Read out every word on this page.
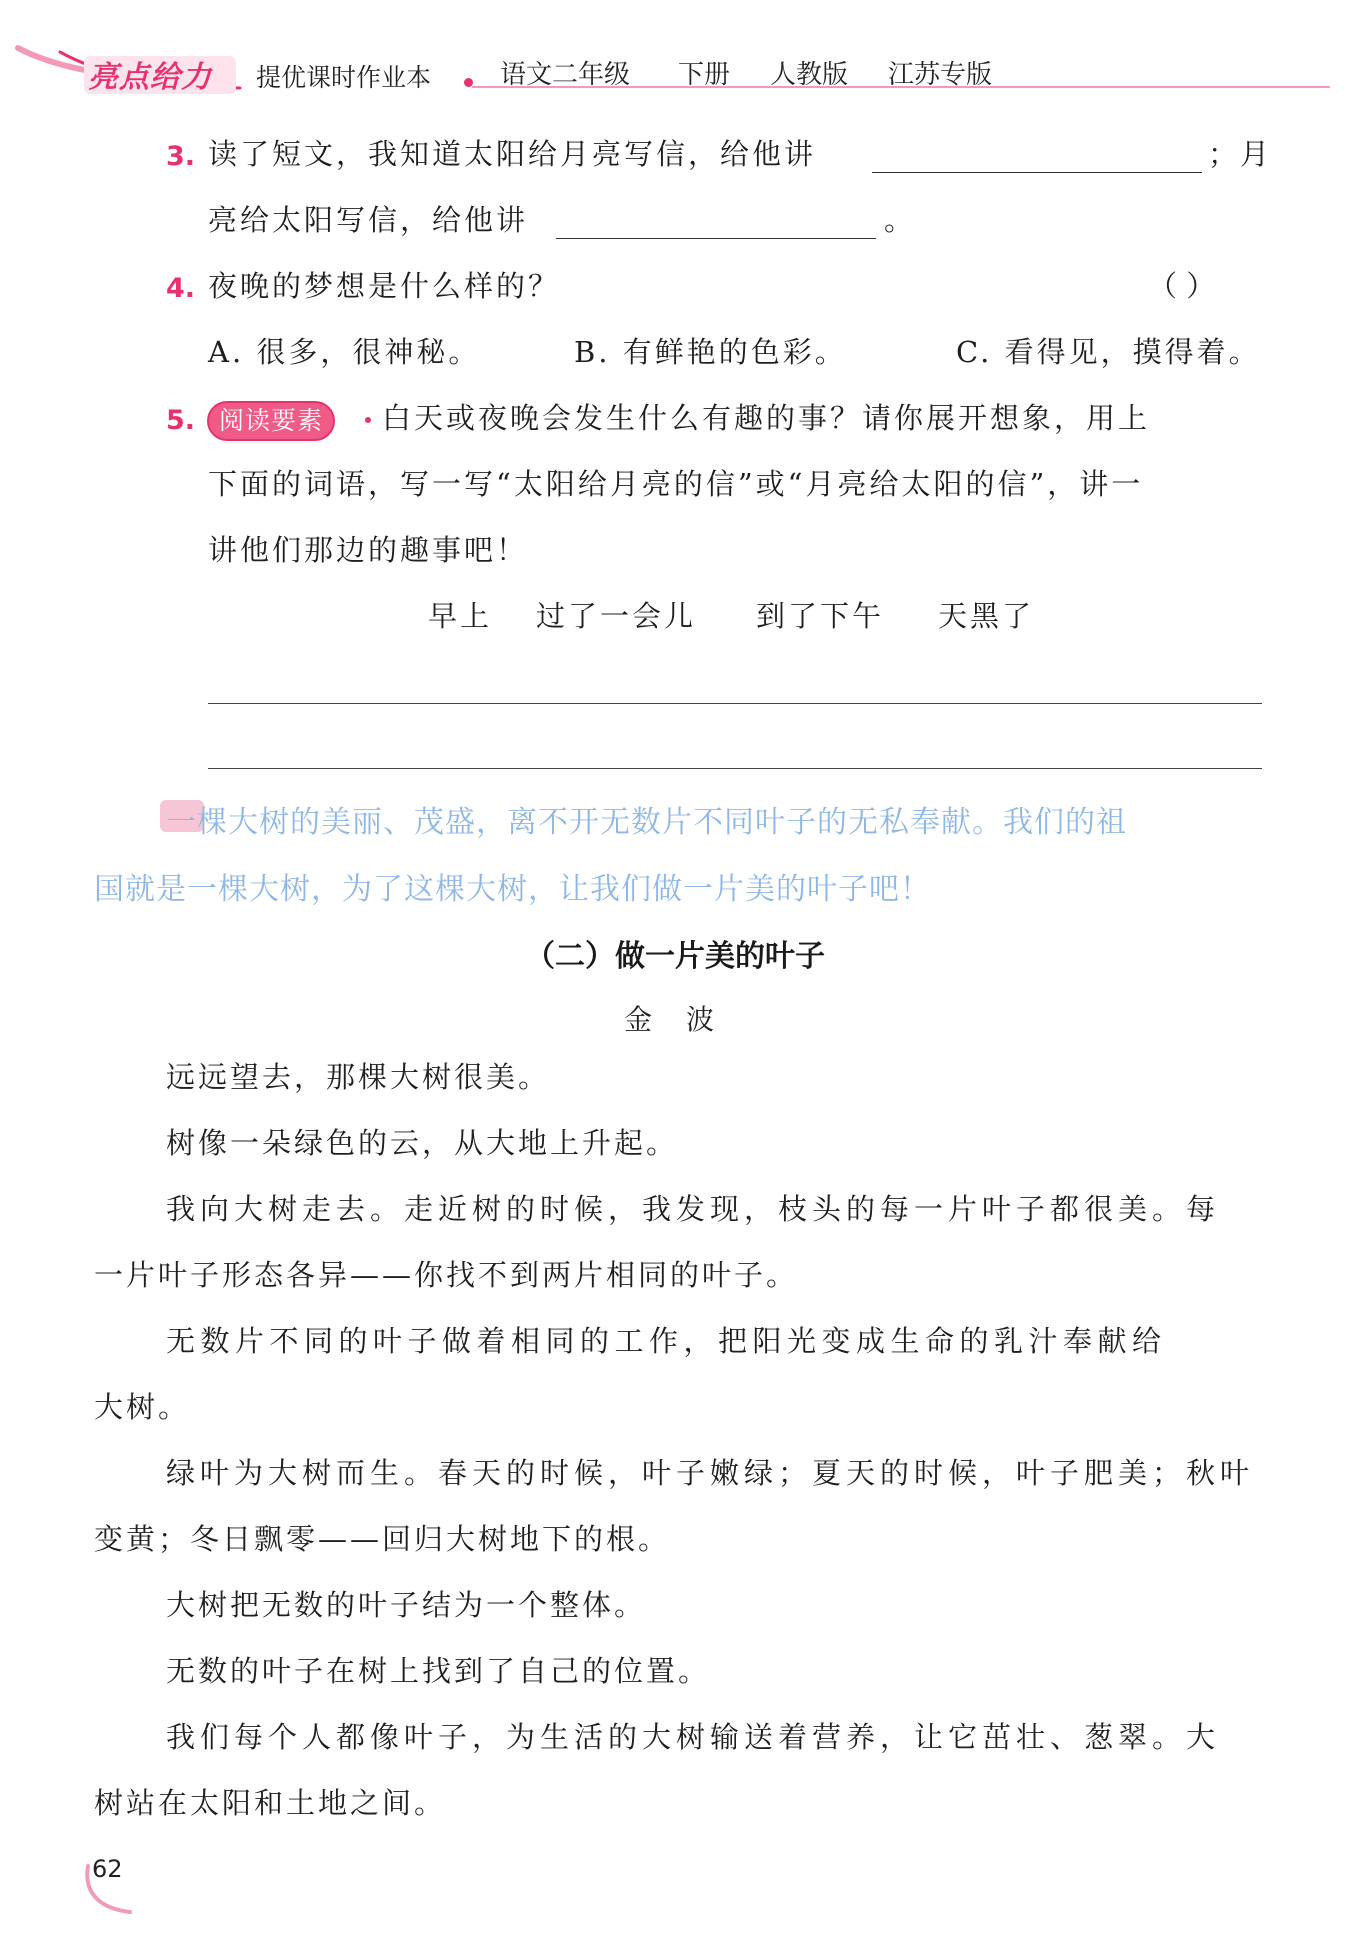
亮点给力 提优课时作业本	语文二年级 下册 人教版 江苏专版
3. 读了短文，我知道太阳给月亮写信，给他讲	；月
亮给太阳写信，给他讲	。
4. 夜晚的梦想是什么样的？	（ ）
A. 很多，很神秘。	B. 有鲜艳的色彩。	C. 看得见，摸得着。
5. 阅读要素	白天或夜晚会发生什么有趣的事？请你展开想象，用上
下面的词语，写一写“太阳给月亮的信”或“月亮给太阳的信”，讲一
讲他们那边的趣事吧！
早上 过了一会儿 到了下午 天黑了
一棵大树的美丽、茂盛，离不开无数片不同叶子的无私奉献。我们的祖
国就是一棵大树，为了这棵大树，让我们做一片美的叶子吧！
（二）做一片美的叶子
金波
远远望去，那棵大树很美。
树像一朵绿色的云，从大地上升起。
我向大树走去。走近树的时候，我发现，枝头的每一片叶子都很美。每
一片叶子形态各异——你找不到两片相同的叶子。
无数片不同的叶子做着相同的工作，把阳光变成生命的乳汁奉献给
大树。
绿叶为大树而生。春天的时候，叶子嫩绿；夏天的时候，叶子肥美；秋叶
变黄；冬日飘零——回归大树地下的根。
大树把无数的叶子结为一个整体。
无数的叶子在树上找到了自己的位置。
我们每个人都像叶子，为生活的大树输送着营养，让它茁壮、葱翠。大
树站在太阳和土地之间。
62
